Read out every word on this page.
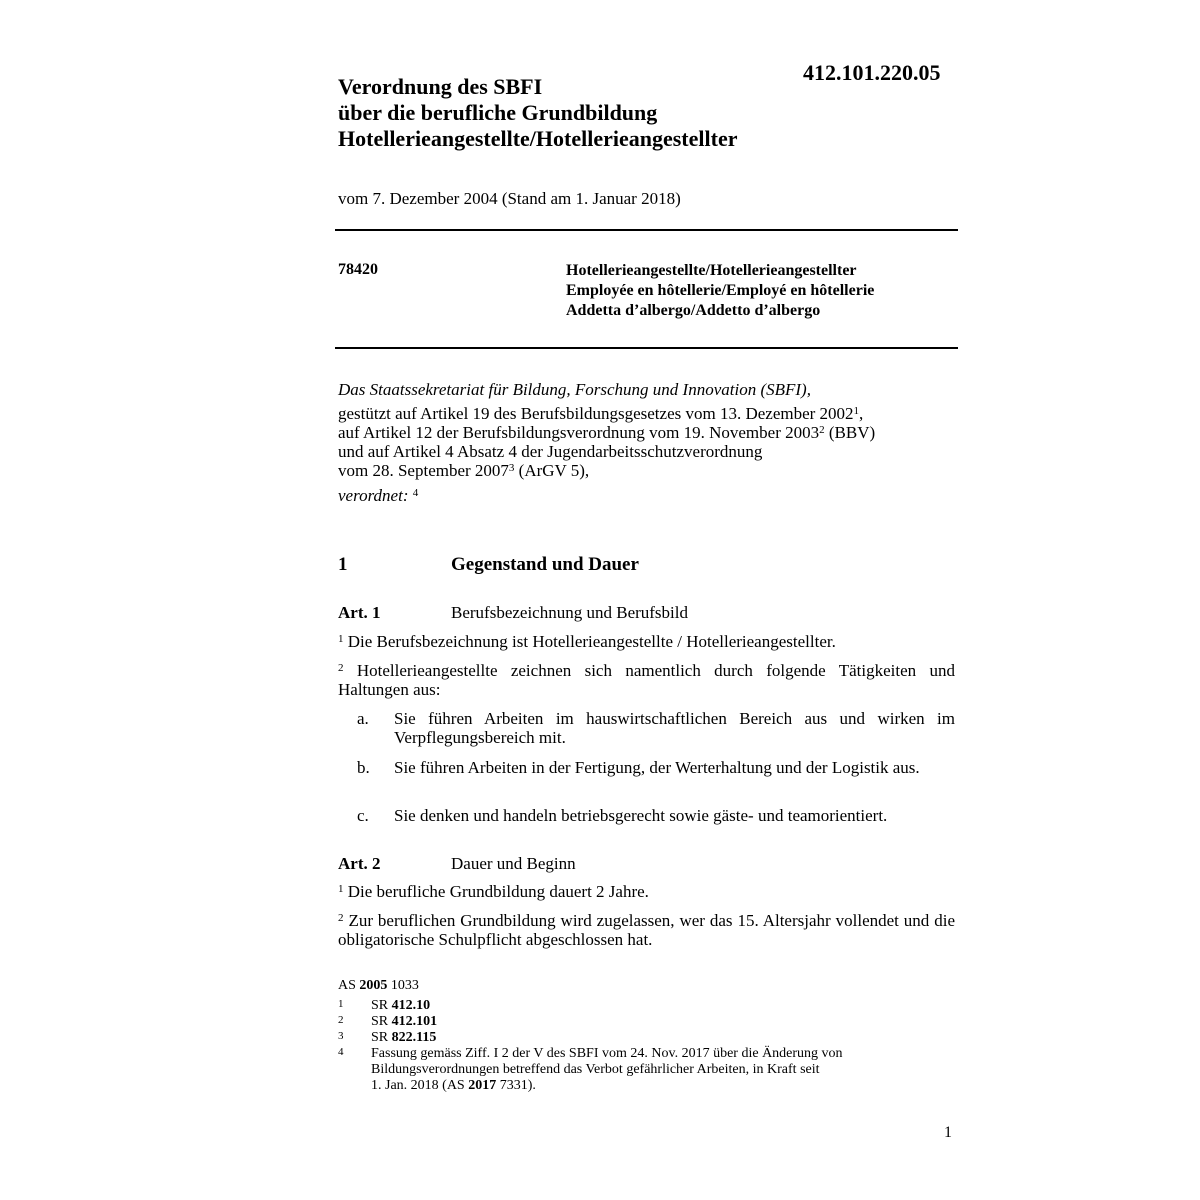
412.101.220.05
Verordnung des SBFI
über die berufliche Grundbildung
Hotellerieangestellte/Hotellerieangestellter
vom 7. Dezember 2004 (Stand am 1. Januar 2018)
78420	Hotellerieangestellte/Hotellerieangestellter
Employée en hôtellerie/Employé en hôtellerie
Addetta d’albergo/Addetto d’albergo
Das Staatssekretariat für Bildung, Forschung und Innovation (SBFI),
gestützt auf Artikel 19 des Berufsbildungsgesetzes vom 13. Dezember 2002$^1$,
auf Artikel 12 der Berufsbildungsverordnung vom 19. November 2003$^2$ (BBV)
und auf Artikel 4 Absatz 4 der Jugendarbeitsschutzverordnung
vom 28. September 2007$^3$ (ArGV 5),
verordnet: $^4$
1	Gegenstand und Dauer
Art. 1	Berufsbezeichnung und Berufsbild
$^1$ Die Berufsbezeichnung ist Hotellerieangestellte / Hotellerieangestellter.
$^2$ Hotellerieangestellte zeichnen sich namentlich durch folgende Tätigkeiten und Haltungen aus:
a. Sie führen Arbeiten im hauswirtschaftlichen Bereich aus und wirken im Verpflegungsbereich mit.
b. Sie führen Arbeiten in der Fertigung, der Werterhaltung und der Logistik aus.
c. Sie denken und handeln betriebsgerecht sowie gäste- und teamorientiert.
Art. 2	Dauer und Beginn
$^1$ Die berufliche Grundbildung dauert 2 Jahre.
$^2$ Zur beruflichen Grundbildung wird zugelassen, wer das 15. Altersjahr vollendet und die obligatorische Schulpflicht abgeschlossen hat.
AS 2005 1033
1 SR 412.10
2 SR 412.101
3 SR 822.115
4 Fassung gemäss Ziff. I 2 der V des SBFI vom 24. Nov. 2017 über die Änderung von
Bildungsverordnungen betreffend das Verbot gefährlicher Arbeiten, in Kraft seit
1. Jan. 2018 (AS 2017 7331).
1
